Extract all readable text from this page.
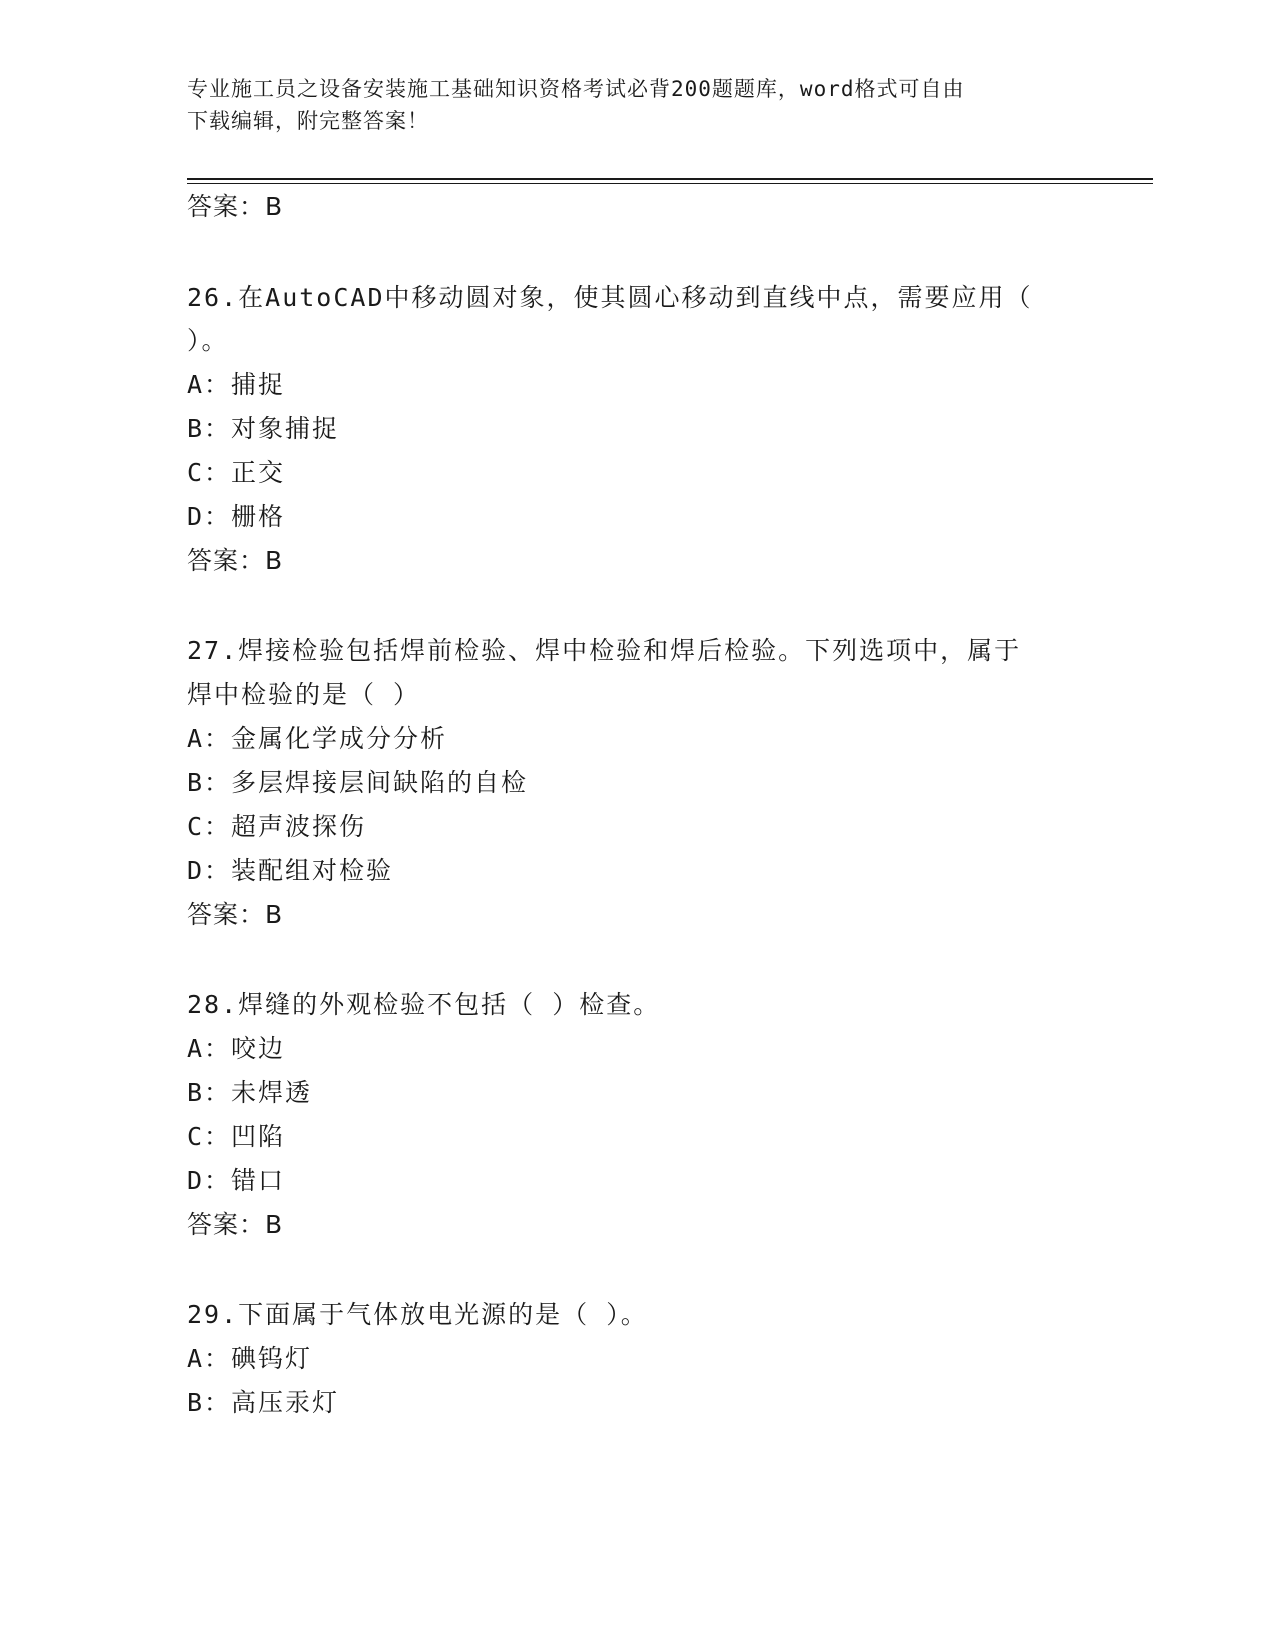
专业施工员之设备安装施工基础知识资格考试必背200题题库，word格式可自由
下载编辑，附完整答案！
答案：B
26.在AutoCAD中移动圆对象，使其圆心移动到直线中点，需要应用（
）。
A：捕捉
B：对象捕捉
C：正交
D：栅格
答案：B
27.焊接检验包括焊前检验、焊中检验和焊后检验。下列选项中，属于
焊中检验的是（ ）
A：金属化学成分分析
B：多层焊接层间缺陷的自检
C：超声波探伤
D：装配组对检验
答案：B
28.焊缝的外观检验不包括（ ）检查。
A：咬边
B：未焊透
C：凹陷
D：错口
答案：B
29.下面属于气体放电光源的是（ ）。
A：碘钨灯
B：高压汞灯
